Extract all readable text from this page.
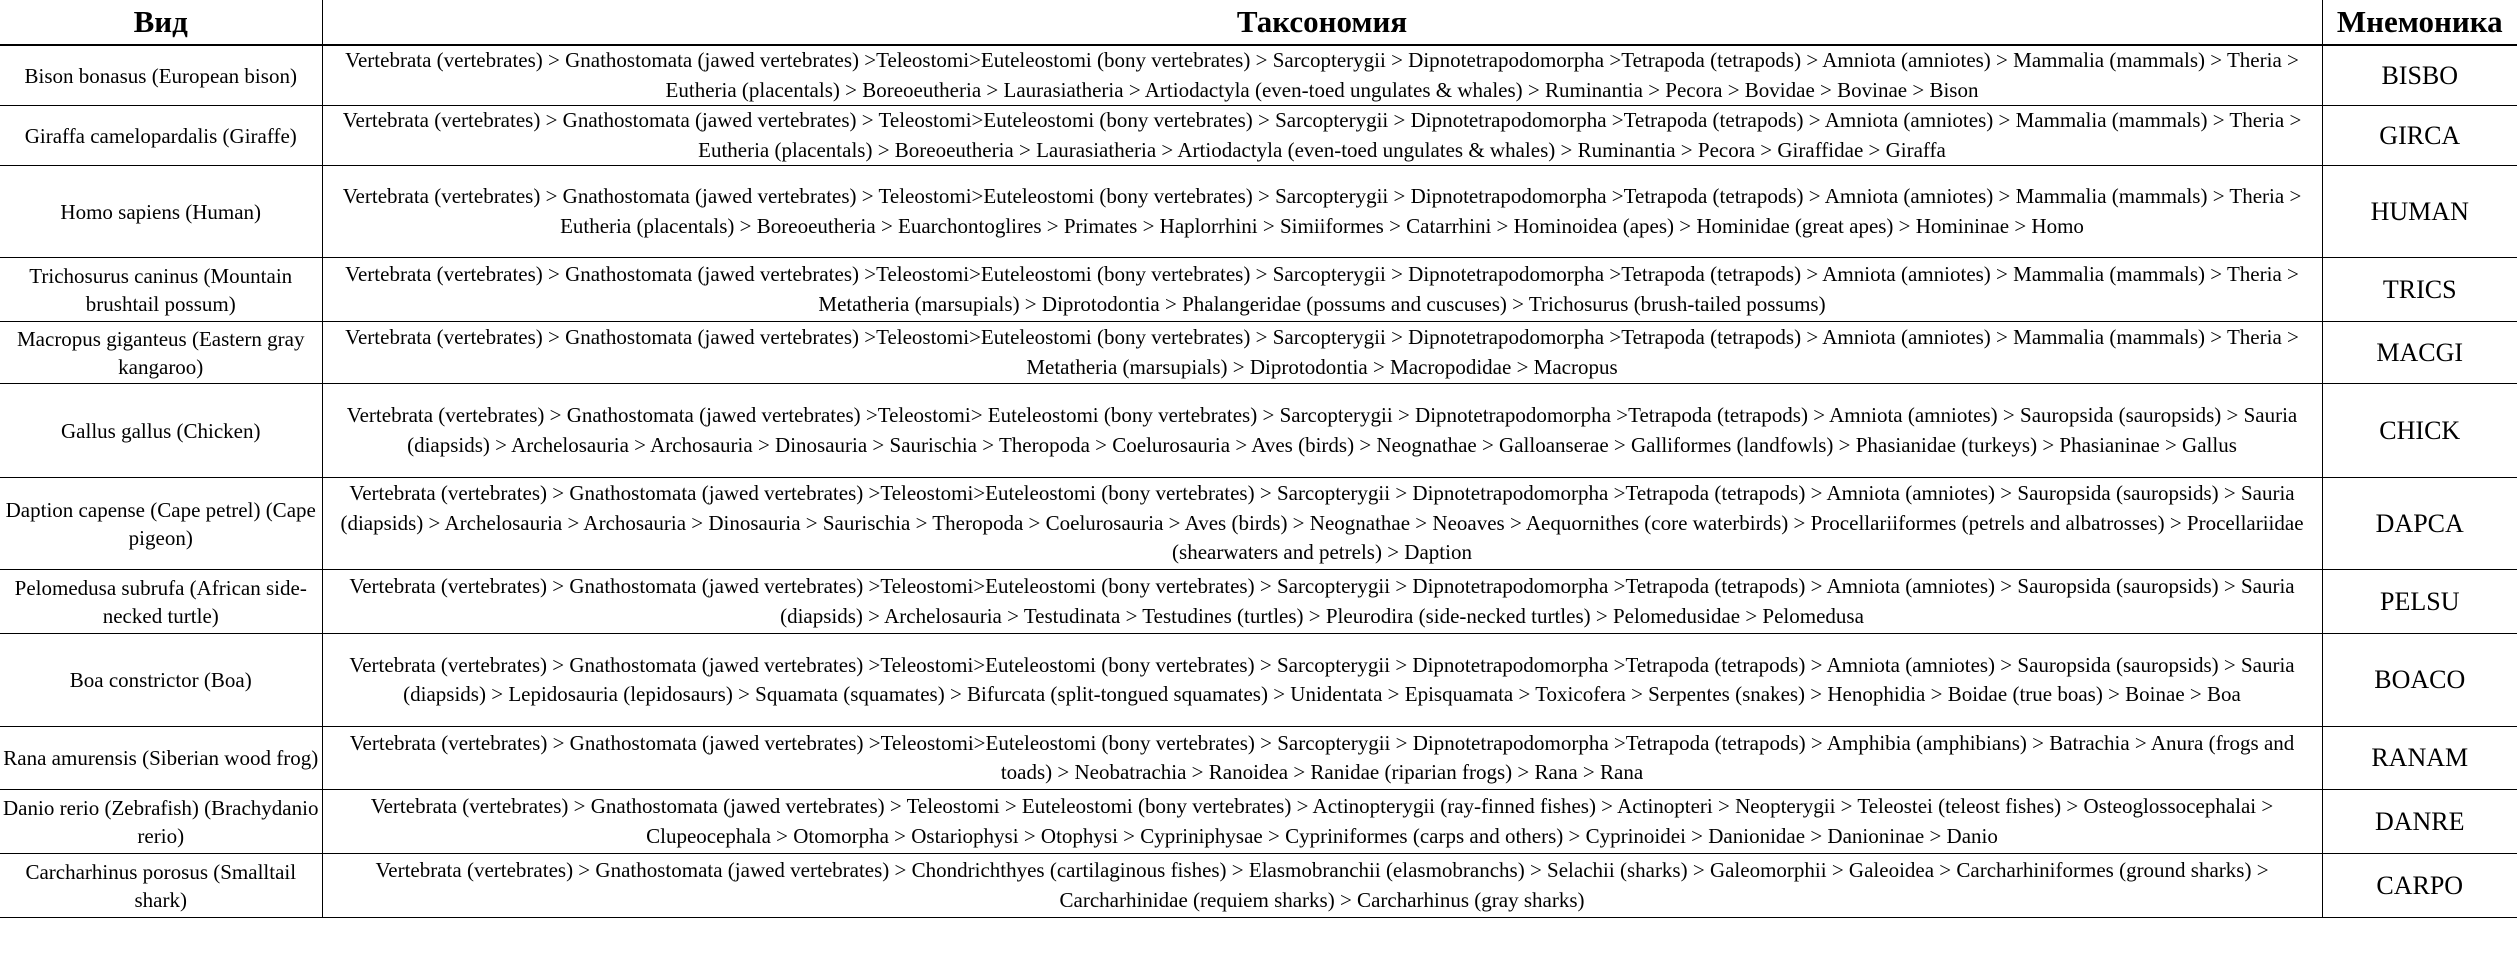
Вид	Таксономия	Мнемоника
Bison bonasus (European bison)	Vertebrata (vertebrates) > Gnathostomata (jawed vertebrates) >Teleostomi>Euteleostomi (bony vertebrates) > Sarcopterygii > Dipnotetrapodomorpha >Tetrapoda (tetrapods) > Amniota (amniotes) > Mammalia (mammals) > Theria > Eutheria (placentals) > Boreoeutheria > Laurasiatheria > Artiodactyla (even-toed ungulates & whales) > Ruminantia > Pecora > Bovidae > Bovinae > Bison	BISBO
Giraffa camelopardalis (Giraffe)	Vertebrata (vertebrates) > Gnathostomata (jawed vertebrates) > Teleostomi>Euteleostomi (bony vertebrates) > Sarcopterygii > Dipnotetrapodomorpha >Tetrapoda (tetrapods) > Amniota (amniotes) > Mammalia (mammals) > Theria > Eutheria (placentals) > Boreoeutheria > Laurasiatheria > Artiodactyla (even-toed ungulates & whales) > Ruminantia > Pecora > Giraffidae > Giraffa	GIRCA
Homo sapiens (Human)	Vertebrata (vertebrates) > Gnathostomata (jawed vertebrates) > Teleostomi>Euteleostomi (bony vertebrates) > Sarcopterygii > Dipnotetrapodomorpha >Tetrapoda (tetrapods) > Amniota (amniotes) > Mammalia (mammals) > Theria > Eutheria (placentals) > Boreoeutheria > Euarchontoglires > Primates > Haplorrhini > Simiiformes > Catarrhini > Hominoidea (apes) > Hominidae (great apes) > Homininae > Homo	HUMAN
Trichosurus caninus (Mountain brushtail possum)	Vertebrata (vertebrates) > Gnathostomata (jawed vertebrates) >Teleostomi>Euteleostomi (bony vertebrates) > Sarcopterygii > Dipnotetrapodomorpha >Tetrapoda (tetrapods) > Amniota (amniotes) > Mammalia (mammals) > Theria > Metatheria (marsupials) > Diprotodontia > Phalangeridae (possums and cuscuses) > Trichosurus (brush-tailed possums)	TRICS
Macropus giganteus (Eastern gray kangaroo)	Vertebrata (vertebrates) > Gnathostomata (jawed vertebrates) >Teleostomi>Euteleostomi (bony vertebrates) > Sarcopterygii > Dipnotetrapodomorpha >Tetrapoda (tetrapods) > Amniota (amniotes) > Mammalia (mammals) > Theria > Metatheria (marsupials) > Diprotodontia > Macropodidae > Macropus	MACGI
Gallus gallus (Chicken)	Vertebrata (vertebrates) > Gnathostomata (jawed vertebrates) >Teleostomi> Euteleostomi (bony vertebrates) > Sarcopterygii > Dipnotetrapodomorpha >Tetrapoda (tetrapods) > Amniota (amniotes) > Sauropsida (sauropsids) > Sauria (diapsids) > Archelosauria > Archosauria > Dinosauria > Saurischia > Theropoda > Coelurosauria > Aves (birds) > Neognathae > Galloanserae > Galliformes (landfowls) > Phasianidae (turkeys) > Phasianinae > Gallus	CHICK
Daption capense (Cape petrel) (Cape pigeon)	Vertebrata (vertebrates) > Gnathostomata (jawed vertebrates) >Teleostomi>Euteleostomi (bony vertebrates) > Sarcopterygii > Dipnotetrapodomorpha >Tetrapoda (tetrapods) > Amniota (amniotes) > Sauropsida (sauropsids) > Sauria (diapsids) > Archelosauria > Archosauria > Dinosauria > Saurischia > Theropoda > Coelurosauria > Aves (birds) > Neognathae > Neoaves > Aequornithes (core waterbirds) > Procellariiformes (petrels and albatrosses) > Procellariidae (shearwaters and petrels) > Daption	DAPCA
Pelomedusa subrufa (African side-necked turtle)	Vertebrata (vertebrates) > Gnathostomata (jawed vertebrates) >Teleostomi>Euteleostomi (bony vertebrates) > Sarcopterygii > Dipnotetrapodomorpha >Tetrapoda (tetrapods) > Amniota (amniotes) > Sauropsida (sauropsids) > Sauria (diapsids) > Archelosauria > Testudinata > Testudines (turtles) > Pleurodira (side-necked turtles) > Pelomedusidae > Pelomedusa	PELSU
Boa constrictor (Boa)	Vertebrata (vertebrates) > Gnathostomata (jawed vertebrates) >Teleostomi>Euteleostomi (bony vertebrates) > Sarcopterygii > Dipnotetrapodomorpha >Tetrapoda (tetrapods) > Amniota (amniotes) > Sauropsida (sauropsids) > Sauria (diapsids) > Lepidosauria (lepidosaurs) > Squamata (squamates) > Bifurcata (split-tongued squamates) > Unidentata > Episquamata > Toxicofera > Serpentes (snakes) > Henophidia > Boidae (true boas) > Boinae > Boa	BOACO
Rana amurensis (Siberian wood frog)	Vertebrata (vertebrates) > Gnathostomata (jawed vertebrates) >Teleostomi>Euteleostomi (bony vertebrates) > Sarcopterygii > Dipnotetrapodomorpha >Tetrapoda (tetrapods) > Amphibia (amphibians) > Batrachia > Anura (frogs and toads) > Neobatrachia > Ranoidea > Ranidae (riparian frogs) > Rana > Rana	RANAM
Danio rerio (Zebrafish) (Brachydanio rerio)	Vertebrata (vertebrates) > Gnathostomata (jawed vertebrates) > Teleostomi > Euteleostomi (bony vertebrates) > Actinopterygii (ray-finned fishes) > Actinopteri > Neopterygii > Teleostei (teleost fishes) > Osteoglossocephalai > Clupeocephala > Otomorpha > Ostariophysi > Otophysi > Cypriniphysae > Cypriniformes (carps and others) > Cyprinoidei > Danionidae > Danioninae > Danio	DANRE
Carcharhinus porosus (Smalltail shark)	Vertebrata (vertebrates) > Gnathostomata (jawed vertebrates) > Chondrichthyes (cartilaginous fishes) > Elasmobranchii (elasmobranchs) > Selachii (sharks) > Galeomorphii > Galeoidea > Carcharhiniformes (ground sharks) > Carcharhinidae (requiem sharks) > Carcharhinus (gray sharks)	CARPO
